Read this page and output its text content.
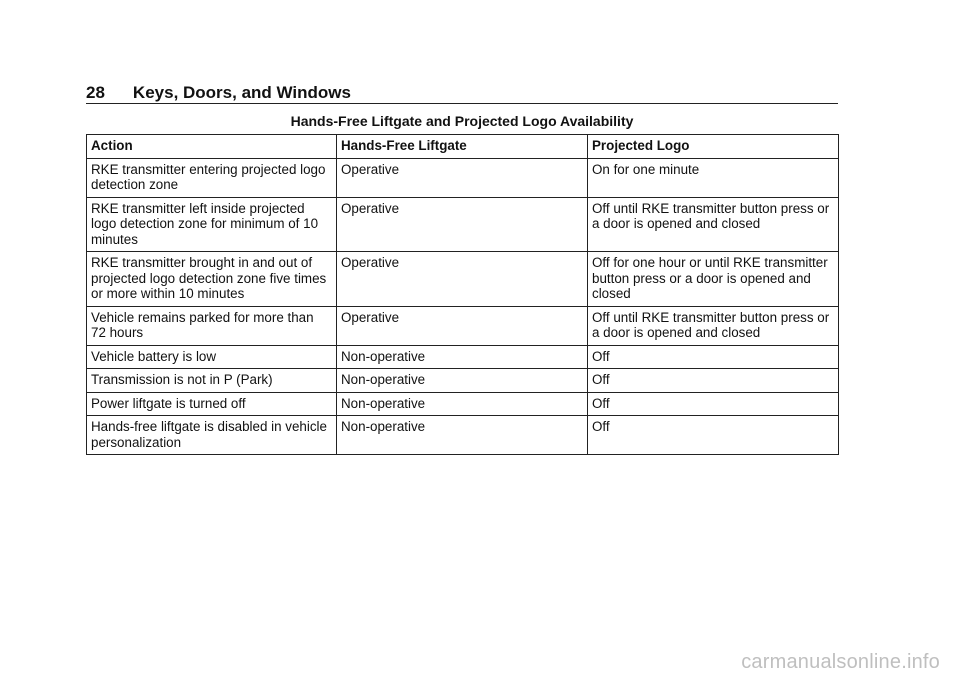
28 Keys, Doors, and Windows
Hands-Free Liftgate and Projected Logo Availability
Action	Hands-Free Liftgate	Projected Logo
RKE transmitter entering projected logo detection zone	Operative	On for one minute
RKE transmitter left inside projected logo detection zone for minimum of 10 minutes	Operative	Off until RKE transmitter button press or a door is opened and closed
RKE transmitter brought in and out of projected logo detection zone five times or more within 10 minutes	Operative	Off for one hour or until RKE transmitter button press or a door is opened and closed
Vehicle remains parked for more than 72 hours	Operative	Off until RKE transmitter button press or a door is opened and closed
Vehicle battery is low	Non-operative	Off
Transmission is not in P (Park)	Non-operative	Off
Power liftgate is turned off	Non-operative	Off
Hands-free liftgate is disabled in vehicle personalization	Non-operative	Off
carmanualsonline.info
